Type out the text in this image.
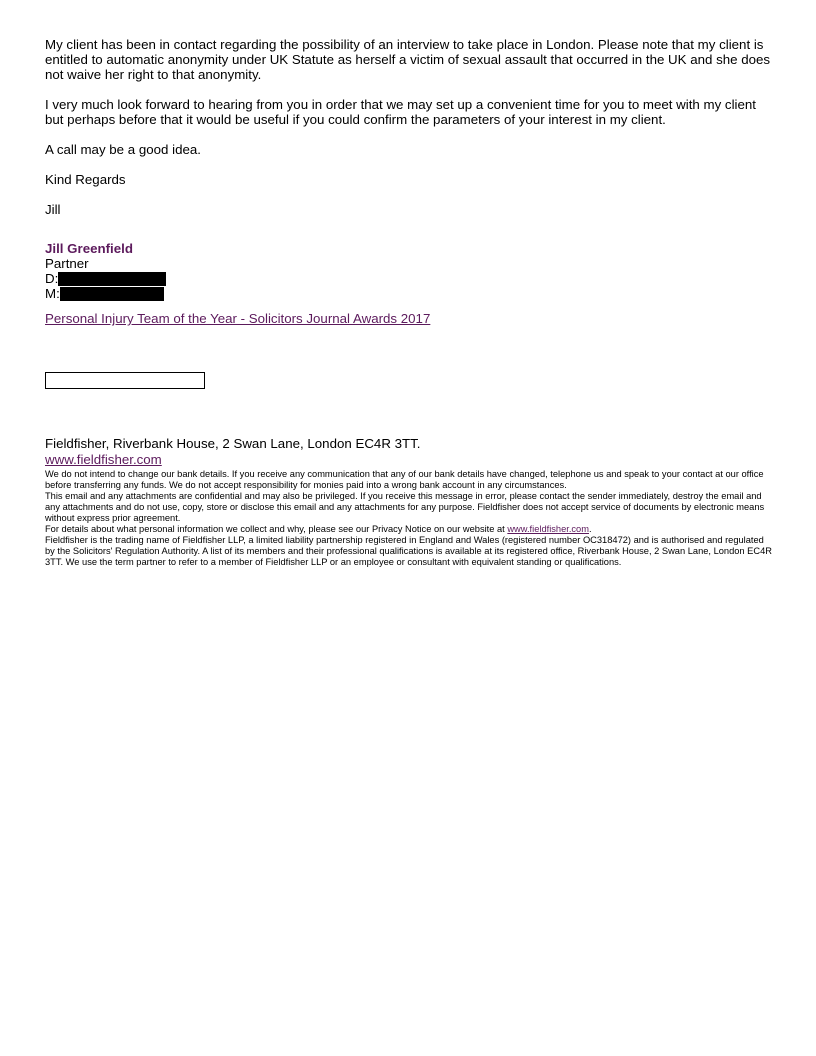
My client has been in contact regarding the possibility of an interview to take place in London. Please note that my client is entitled to automatic anonymity under UK Statute as herself a victim of sexual assault that occurred in the UK and she does not waive her right to that anonymity.

I very much look forward to hearing from you in order that we may set up a convenient time for you to meet with my client but perhaps before that it would be useful if you could confirm the parameters of your interest in my client.

A call may be a good idea.

Kind Regards

Jill

Jill Greenfield
Partner
D:
M:
Personal Injury Team of the Year - Solicitors Journal Awards 2017
Fieldfisher, Riverbank House, 2 Swan Lane, London EC4R 3TT.
www.fieldfisher.com

We do not intend to change our bank details. If you receive any communication that any of our bank details have changed, telephone us and speak to your contact at our office before transferring any funds. We do not accept responsibility for monies paid into a wrong bank account in any circumstances.

This email and any attachments are confidential and may also be privileged. If you receive this message in error, please contact the sender immediately, destroy the email and any attachments and do not use, copy, store or disclose this email and any attachments for any purpose. Fieldfisher does not accept service of documents by electronic means without express prior agreement.

For details about what personal information we collect and why, please see our Privacy Notice on our website at www.fieldfisher.com.

Fieldfisher is the trading name of Fieldfisher LLP, a limited liability partnership registered in England and Wales (registered number OC318472) and is authorised and regulated by the Solicitors' Regulation Authority. A list of its members and their professional qualifications is available at its registered office, Riverbank House, 2 Swan Lane, London EC4R 3TT. We use the term partner to refer to a member of Fieldfisher LLP or an employee or consultant with equivalent standing or qualifications.
